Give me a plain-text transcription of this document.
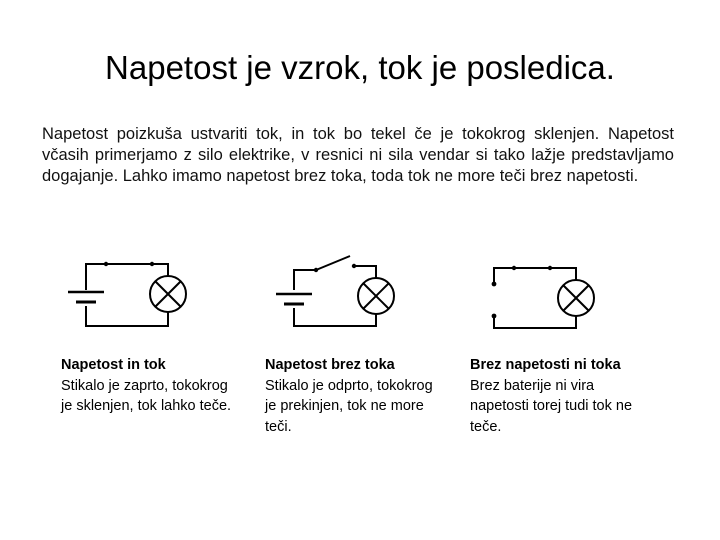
Napetost je vzrok, tok je posledica.

Napetost poizkuša ustvariti tok, in tok bo tekel če je tokokrog sklenjen. Napetost včasih primerjamo z silo elektrike, v resnici ni sila vendar si tako lažje predstavljamo dogajanje. Lahko imamo napetost brez toka, toda tok ne more teči brez napetosti.

Napetost in tok
Stikalo je zaprto, tokokrog
je sklenjen, tok lahko teče.
Napetost brez toka
Stikalo je odprto, tokokrog
je prekinjen, tok ne more
teči.
Brez napetosti ni toka
Brez baterije ni vira
napetosti torej tudi tok ne
teče.
